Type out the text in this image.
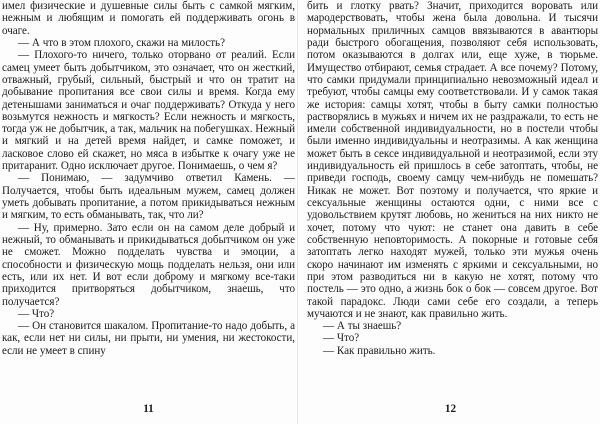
имел физические и душевные силы быть с самкой мягким, нежным и любящим и помогать ей поддерживать огонь в очаге.

— А что в этом плохого, скажи на милость?

— Плохого-то ничего, только оторвано от реалий. Если самец умеет быть добытчиком, это означает, что он жесткий, отважный, грубый, сильный, быстрый и что он тратит на добывание пропитания все свои силы и время. Когда ему детенышами заниматься и очаг поддерживать? Откуда у него возьмутся нежность и мягкость? Если нежность и мягкость, тогда уж не добытчик, а так, мальчик на побегушках. Нежный и мягкий и на детей время найдет, и самке поможет, и ласковое слово ей скажет, но мяса в избытке к очагу уже не притаранит. Одно исключает другое. Понимаешь, о чем я?

— Понимаю, — задумчиво ответил Камень. — Получается, чтобы быть идеальным мужем, самец должен уметь добывать пропитание, а потом прикидываться нежным и мягким, то есть обманывать, так, что ли?

— Ну, примерно. Зато если он на самом деле добрый и нежный, то обманывать и прикидываться добытчиком он уже не сможет. Можно подделать чувства и эмоции, а способности и физическую мощь подделать нельзя, они или есть, или их нет. И вот если доброму и мягкому все-таки приходится притворяться добытчиком, знаешь, что получается?

— Что?

— Он становится шакалом. Пропитание-то надо добыть, а как, если нет ни силы, ни прыти, ни умения, ни жестокости, если не умеет в спину

11

бить и глотку рвать? Значит, приходится воровать или мародерствовать, чтобы жена была довольна. И тысячи нормальных приличных самцов ввязываются в авантюры ради быстрого обогащения, позволяют себя использовать, потом оказываются в долгах или, еще хуже, в тюрьме. Имущество отбирают, семья страдает. А все почему? Потому, что самки придумали принципиально невозможный идеал и требуют, чтобы самцы ему соответствовали. И у самок такая же история: самцы хотят, чтобы в быту самки полностью растворялись в мужьях и ничем их не раздражали, то есть не имели собственной индивидуальности, но в постели чтобы были именно индивидуальны и неотразимы. А как женщина может быть в сексе индивидуальной и неотразимой, если эту индивидуальность ей пришлось в себе затоптать, чтобы, не приведи господь, своему самцу чем-нибудь не помешать? Никак не может. Вот поэтому и получается, что яркие и сексуальные женщины остаются одни, с ними все с удовольствием крутят любовь, но жениться на них никто не хочет, потому что чуют: не станет она давить в себе собственную неповторимость. А покорные и готовые себя затоптать легко находят мужей, только эти мужья очень скоро начинают им изменять с яркими и сексуальными, но при этом разводиться ни в какую не хотят, потому что постель — это одно, а жизнь бок о бок — совсем другое. Вот такой парадокс. Люди сами себе его создали, а теперь мучаются и не знают, как правильно жить.

— А ты знаешь?

— Что?

— Как правильно жить.

12
